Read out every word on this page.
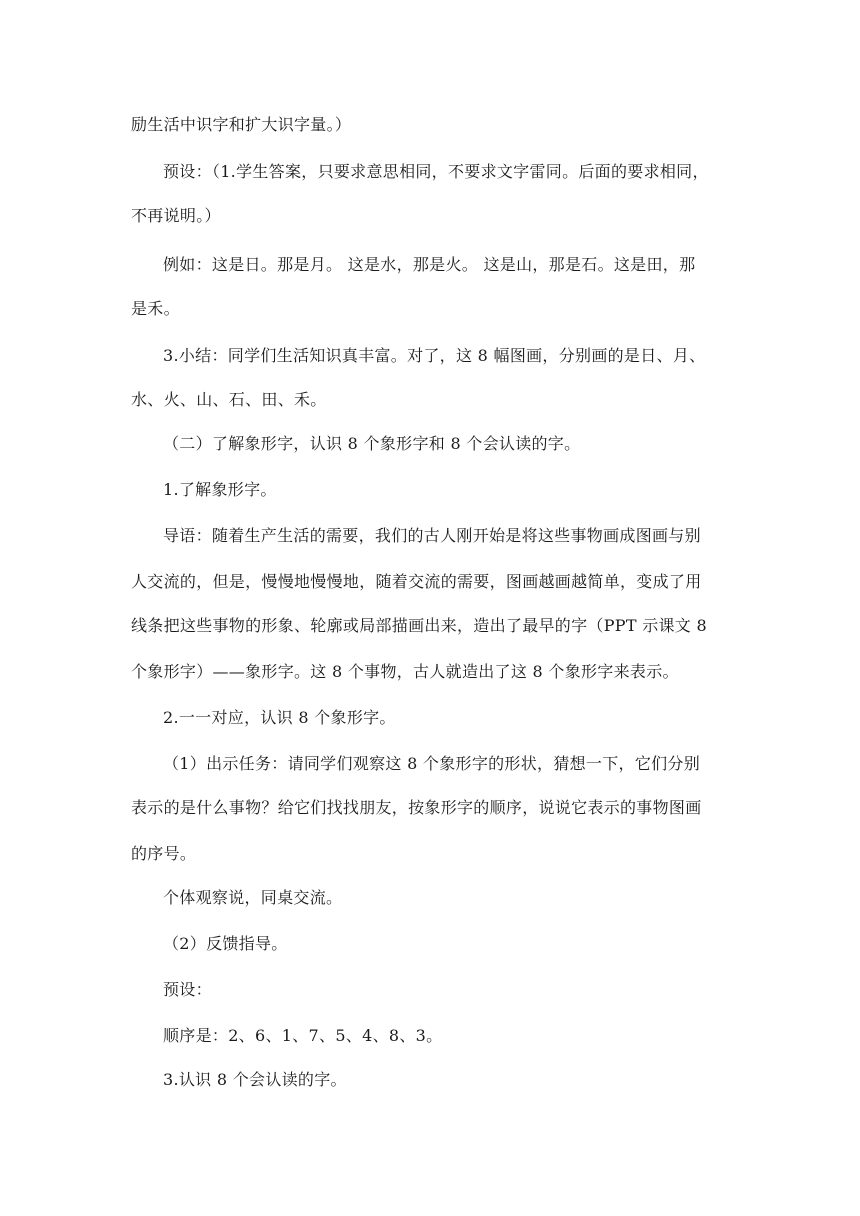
励生活中识字和扩大识字量。）
预设：（1.学生答案，只要求意思相同，不要求文字雷同。后面的要求相同，
不再说明。）
例如：这是日。那是月。 这是水，那是火。 这是山，那是石。这是田，那
是禾。
3.小结：同学们生活知识真丰富。对了，这 8 幅图画，分别画的是日、月、
水、火、山、石、田、禾。
（二）了解象形字，认识 8 个象形字和 8 个会认读的字。
1.了解象形字。
导语：随着生产生活的需要，我们的古人刚开始是将这些事物画成图画与别
人交流的，但是，慢慢地慢慢地，随着交流的需要，图画越画越简单，变成了用
线条把这些事物的形象、轮廓或局部描画出来，造出了最早的字（PPT 示课文 8
个象形字）——象形字。这 8 个事物，古人就造出了这 8 个象形字来表示。
2.一一对应，认识 8 个象形字。
（1）出示任务：请同学们观察这 8 个象形字的形状，猜想一下，它们分别
表示的是什么事物？给它们找找朋友，按象形字的顺序，说说它表示的事物图画
的序号。
个体观察说，同桌交流。
（2）反馈指导。
预设：
顺序是：2、6、1、7、5、4、8、3。
3.认识 8 个会认读的字。
